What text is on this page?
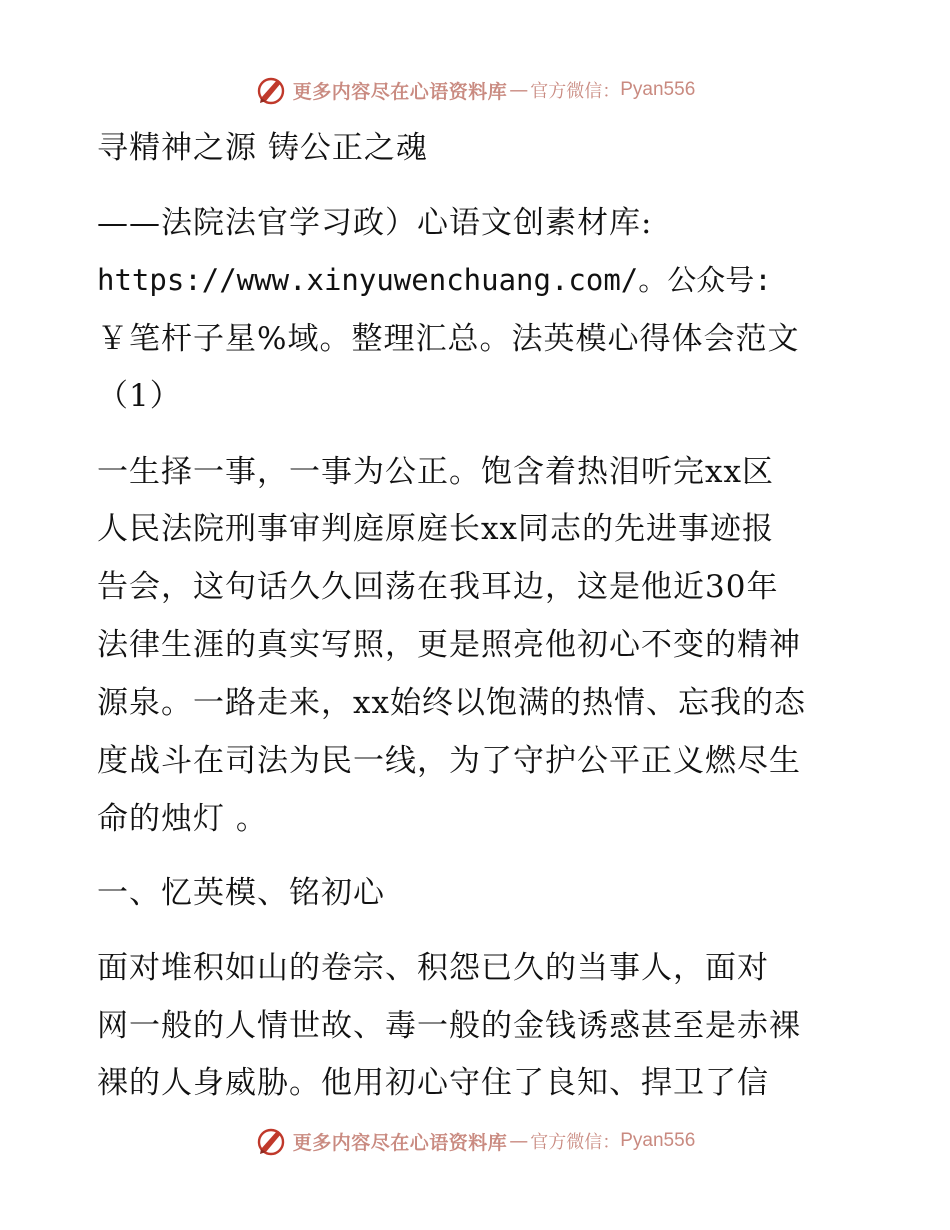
更多内容尽在心语资料库 — 官方微信： Pyan556
寻精神之源 铸公正之魂
——法院法官学习政）心语文创素材库:
https://www.xinyuwenchuang.com/。公众号:
￥笔杆子星%域。整理汇总。法英模心得体会范文
（1）
一生择一事，一事为公正。饱含着热泪听完xx区
人民法院刑事审判庭原庭长xx同志的先进事迹报
告会，这句话久久回荡在我耳边，这是他近30年
法律生涯的真实写照，更是照亮他初心不变的精神
源泉。一路走来，xx始终以饱满的热情、忘我的态
度战斗在司法为民一线，为了守护公平正义燃尽生
命的烛灯 。
一、忆英模、铭初心
面对堆积如山的卷宗、积怨已久的当事人，面对
网一般的人情世故、毒一般的金钱诱惑甚至是赤裸
裸的人身威胁。他用初心守住了良知、捍卫了信
更多内容尽在心语资料库 — 官方微信： Pyan556
